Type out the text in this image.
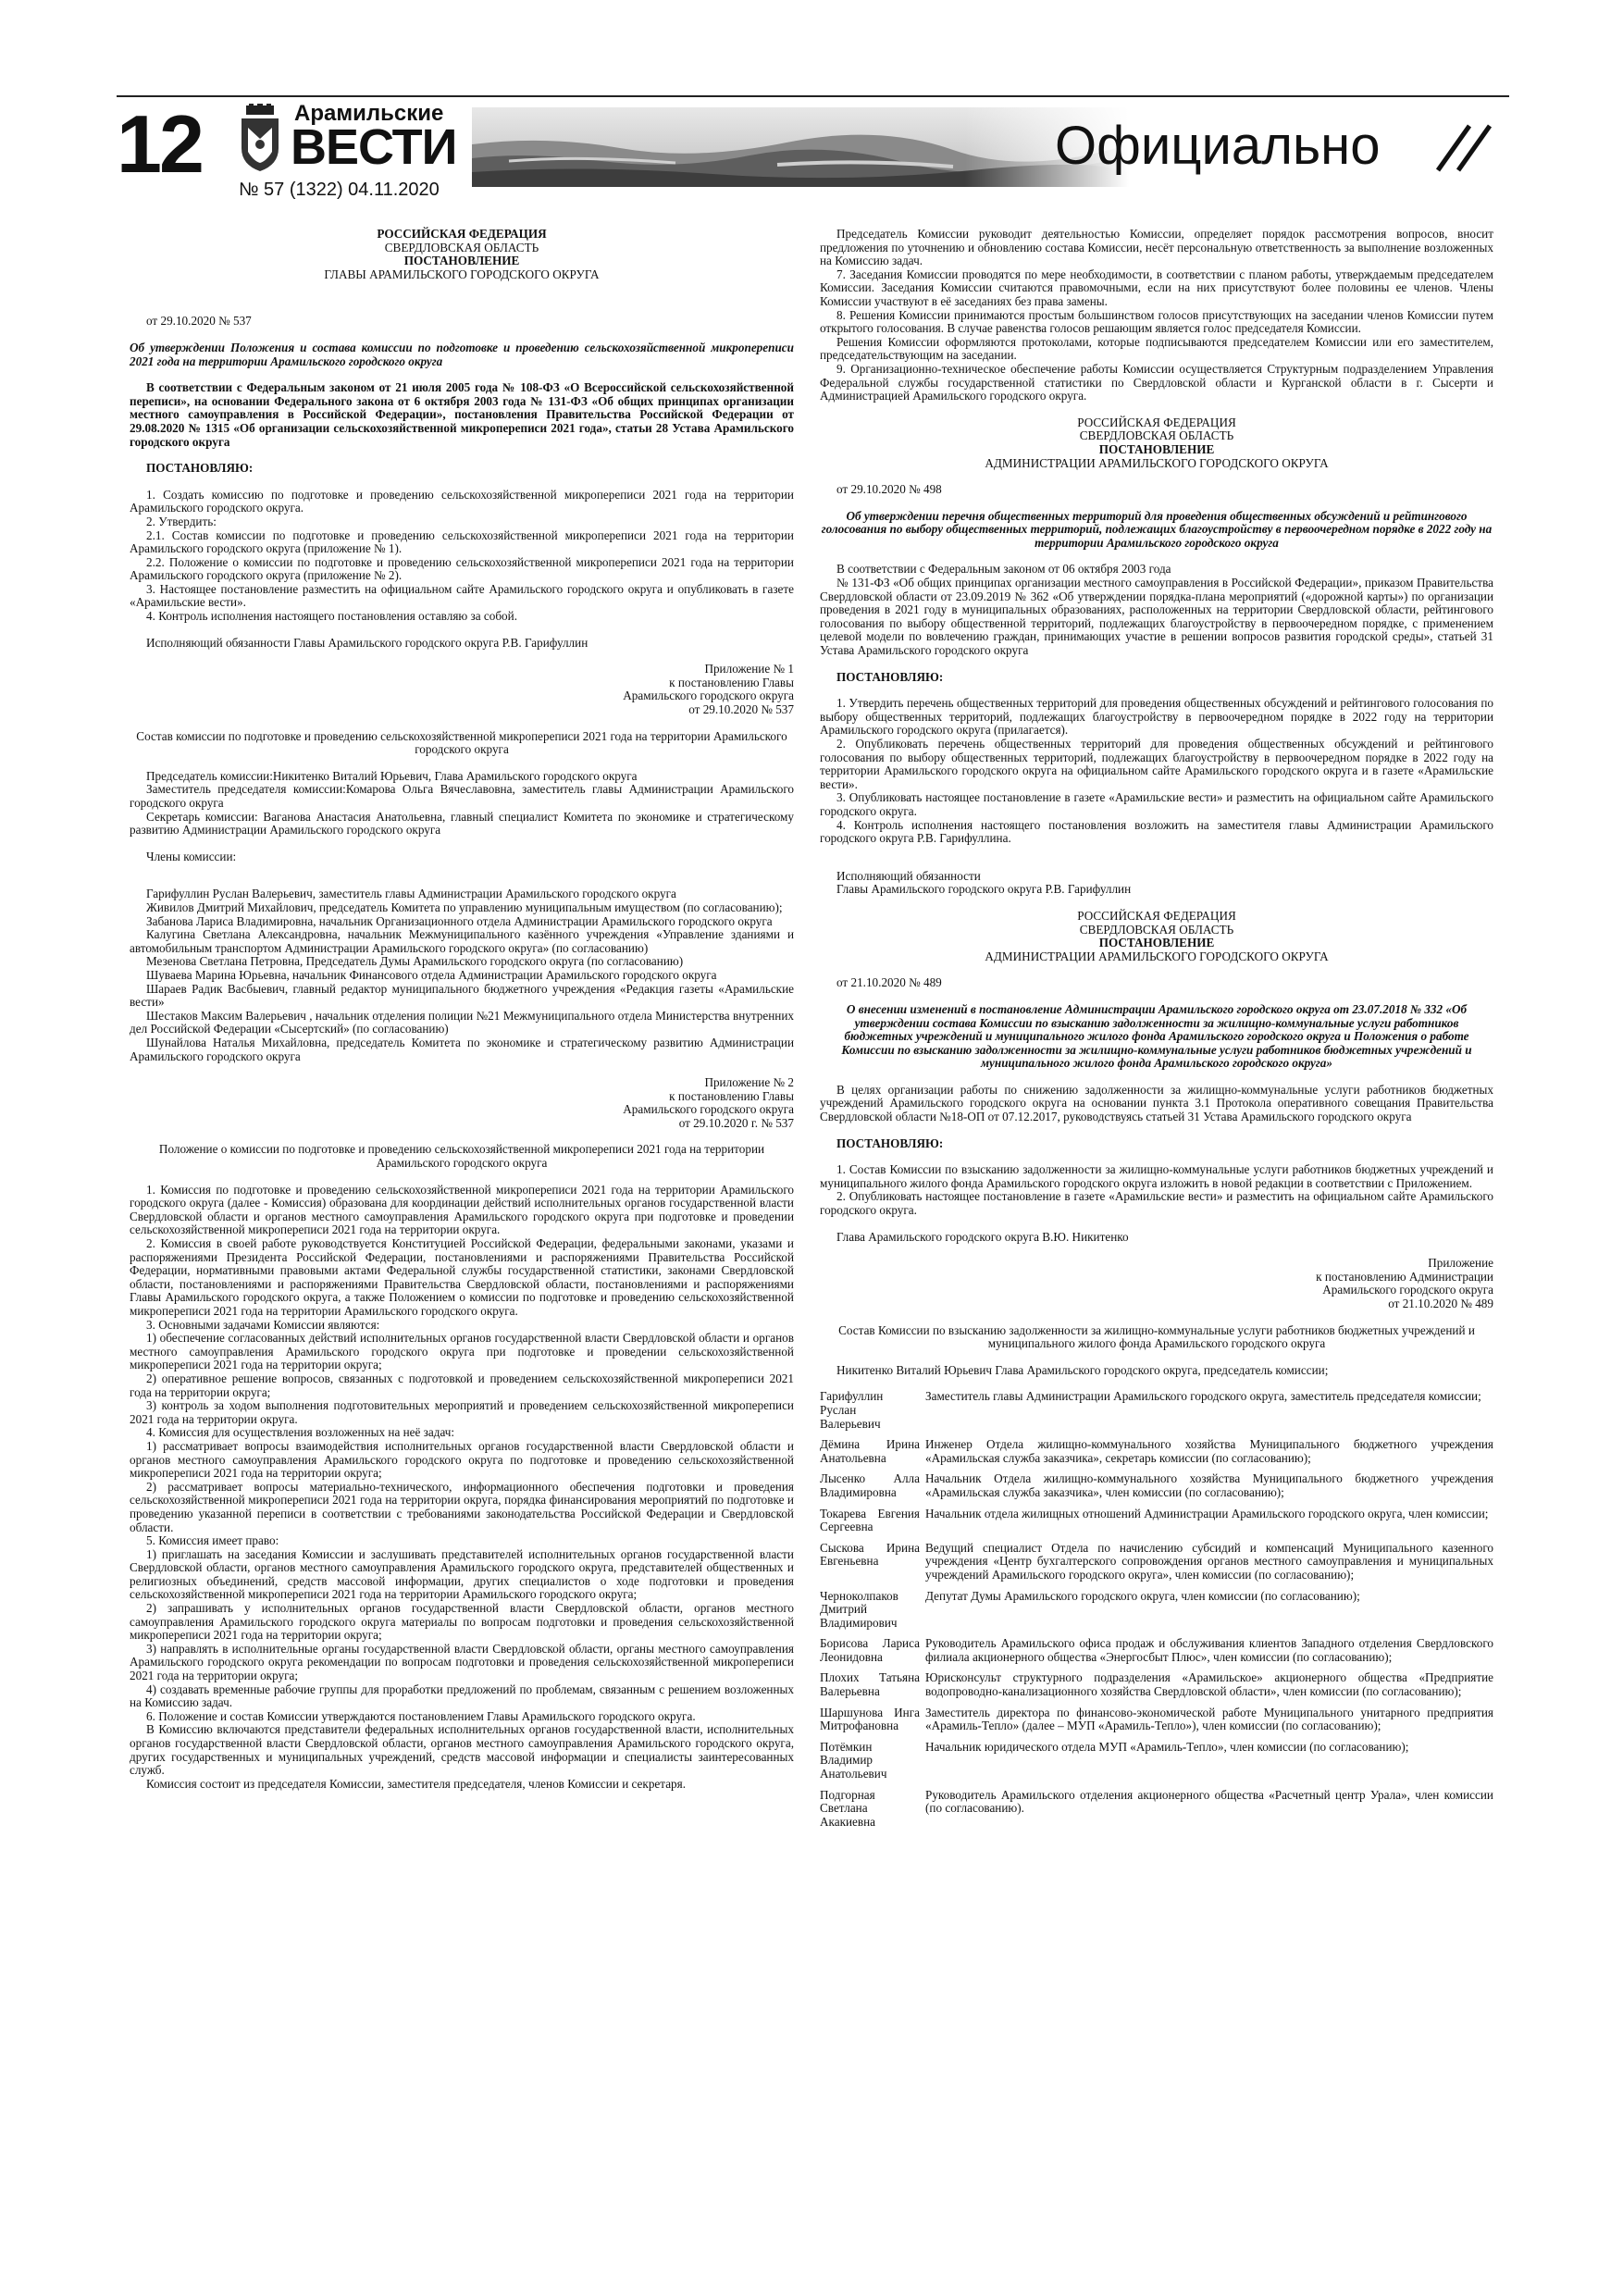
12	Арамильские
ВЕСТИ
№ 57 (1322) 04.11.2020
Официально
РОССИЙСКАЯ ФЕДЕРАЦИЯ
СВЕРДЛОВСКАЯ ОБЛАСТЬ
ПОСТАНОВЛЕНИЕ
ГЛАВЫ АРАМИЛЬСКОГО ГОРОДСКОГО ОКРУГА

от 29.10.2020 № 537

Об утверждении Положения и состава комиссии по подготовке и проведению сельскохозяйственной микропереписи 2021 года на территории Арамильского городского округа

В соответствии с Федеральным законом от 21 июля 2005 года № 108-ФЗ «О Всероссийской сельскохозяйственной переписи», на основании Федерального закона от 6 октября 2003 года № 131-ФЗ «Об общих принципах организации местного самоуправления в Российской Федерации», постановления Правительства Российской Федерации от 29.08.2020 № 1315 «Об организации сельскохозяйственной микропереписи 2021 года», статьи 28 Устава Арамильского городского округа

ПОСТАНОВЛЯЮ:

1. Создать комиссию по подготовке и проведению сельскохозяйственной микропереписи 2021 года на территории Арамильского городского округа.

2. Утвердить:

2.1. Состав комиссии по подготовке и проведению сельскохозяйственной микропереписи 2021 года на территории Арамильского городского округа (приложение № 1).

2.2. Положение о комиссии по подготовке и проведению сельскохозяйственной микропереписи 2021 года на территории Арамильского городского округа (приложение № 2).

3. Настоящее постановление разместить на официальном сайте Арамильского городского округа и опубликовать в газете «Арамильские вести».

4. Контроль исполнения настоящего постановления оставляю за собой.

Исполняющий обязанности Главы Арамильского городского округа Р.В. Гарифуллин

Приложение № 1
к постановлению Главы
Арамильского городского округа
от 29.10.2020 № 537
Состав комиссии по подготовке и проведению сельскохозяйственной микропереписи 2021 года на территории Арамильского городского округа

Председатель комиссии:Никитенко Виталий Юрьевич, Глава Арамильского городского округа

Заместитель председателя комиссии:Комарова Ольга Вячеславовна, заместитель главы Администрации Арамильского городского округа

Секретарь комиссии: Ваганова Анастасия Анатольевна, главный специалист Комитета по экономике и стратегическому развитию Администрации Арамильского городского округа

Члены комиссии:

Гарифуллин Руслан Валерьевич, заместитель главы Администрации Арамильского городского округа

Живилов Дмитрий Михайлович, председатель Комитета по управлению муниципальным имуществом (по согласованию);

Забанова Лариса Владимировна, начальник Организационного отдела Администрации Арамильского городского округа

Калугина Светлана Александровна, начальник Межмуниципального казённого учреждения «Управление зданиями и автомобильным транспортом Администрации Арамильского городского округа» (по согласованию)

Мезенова Светлана Петровна, Председатель Думы Арамильского городского округа (по согласованию)

Шуваева Марина Юрьевна, начальник Финансового отдела Администрации Арамильского городского округа

Шараев Радик Васбыевич, главный редактор муниципального бюджетного учреждения «Редакция газеты «Арамильские вести»

Шестаков Максим Валерьевич , начальник отделения полиции №21 Межмуниципального отдела Министерства внутренних дел Российской Федерации «Сысертский» (по согласованию)

Шунайлова Наталья Михайловна, председатель Комитета по экономике и стратегическому развитию Администрации Арамильского городского округа

Приложение № 2
к постановлению Главы
Арамильского городского округа
от 29.10.2020 г. № 537
Положение о комиссии по подготовке и проведению сельскохозяйственной микропереписи 2021 года на территории Арамильского городского округа

1. Комиссия по подготовке и проведению сельскохозяйственной микропереписи 2021 года на территории Арамильского городского округа (далее - Комиссия) образована для координации действий исполнительных органов государственной власти Свердловской области и органов местного самоуправления Арамильского городского округа при подготовке и проведении сельскохозяйственной микропереписи 2021 года на территории округа.

2. Комиссия в своей работе руководствуется Конституцией Российской Федерации, федеральными законами, указами и распоряжениями Президента Российской Федерации, постановлениями и распоряжениями Правительства Российской Федерации, нормативными правовыми актами Федеральной службы государственной статистики, законами Свердловской области, постановлениями и распоряжениями Правительства Свердловской области, постановлениями и распоряжениями Главы Арамильского городского округа, а также Положением о комиссии по подготовке и проведению сельскохозяйственной микропереписи 2021 года на территории Арамильского городского округа.

3. Основными задачами Комиссии являются:

1) обеспечение согласованных действий исполнительных органов государственной власти Свердловской области и органов местного самоуправления Арамильского городского округа при подготовке и проведении сельскохозяйственной микропереписи 2021 года на территории округа;

2) оперативное решение вопросов, связанных с подготовкой и проведением сельскохозяйственной микропереписи 2021 года на территории округа;

3) контроль за ходом выполнения подготовительных мероприятий и проведением сельскохозяйственной микропереписи 2021 года на территории округа.

4. Комиссия для осуществления возложенных на неё задач:

1) рассматривает вопросы взаимодействия исполнительных органов государственной власти Свердловской области и органов местного самоуправления Арамильского городского округа по подготовке и проведению сельскохозяйственной микропереписи 2021 года на территории округа;

2) рассматривает вопросы материально-технического, информационного обеспечения подготовки и проведения сельскохозяйственной микропереписи 2021 года на территории округа, порядка финансирования мероприятий по подготовке и проведению указанной переписи в соответствии с требованиями законодательства Российской Федерации и Свердловской области.

5. Комиссия имеет право:

1) приглашать на заседания Комиссии и заслушивать представителей исполнительных органов государственной власти Свердловской области, органов местного самоуправления Арамильского городского округа, представителей общественных и религиозных объединений, средств массовой информации, других специалистов о ходе подготовки и проведения сельскохозяйственной микропереписи 2021 года на территории Арамильского городского округа;

2) запрашивать у исполнительных органов государственной власти Свердловской области, органов местного самоуправления Арамильского городского округа материалы по вопросам подготовки и проведения сельскохозяйственной микропереписи 2021 года на территории округа;

3) направлять в исполнительные органы государственной власти Свердловской области, органы местного самоуправления Арамильского городского округа рекомендации по вопросам подготовки и проведения сельскохозяйственной микропереписи 2021 года на территории округа;

4) создавать временные рабочие группы для проработки предложений по проблемам, связанным с решением возложенных на Комиссию задач.

6. Положение и состав Комиссии утверждаются постановлением Главы Арамильского городского округа.

В Комиссию включаются представители федеральных исполнительных органов государственной власти, исполнительных органов государственной власти Свердловской области, органов местного самоуправления Арамильского городского округа, других государственных и муниципальных учреждений, средств массовой информации и специалисты заинтересованных служб.

Комиссия состоит из председателя Комиссии, заместителя председателя, членов Комиссии и секретаря.

Председатель Комиссии руководит деятельностью Комиссии, определяет порядок рассмотрения вопросов, вносит предложения по уточнению и обновлению состава Комиссии, несёт персональную ответственность за выполнение возложенных на Комиссию задач.

7. Заседания Комиссии проводятся по мере необходимости, в соответствии с планом работы, утверждаемым председателем Комиссии. Заседания Комиссии считаются правомочными, если на них присутствуют более половины ее членов. Члены Комиссии участвуют в её заседаниях без права замены.

8. Решения Комиссии принимаются простым большинством голосов присутствующих на заседании членов Комиссии путем открытого голосования. В случае равенства голосов решающим является голос председателя Комиссии.

Решения Комиссии оформляются протоколами, которые подписываются председателем Комиссии или его заместителем, председательствующим на заседании.

9. Организационно-техническое обеспечение работы Комиссии осуществляется Структурным подразделением Управления Федеральной службы государственной статистики по Свердловской области и Курганской области в г. Сысерти и Администрацией Арамильского городского округа.

РОССИЙСКАЯ ФЕДЕРАЦИЯ
СВЕРДЛОВСКАЯ ОБЛАСТЬ
ПОСТАНОВЛЕНИЕ
АДМИНИСТРАЦИИ АРАМИЛЬСКОГО ГОРОДСКОГО ОКРУГА

от 29.10.2020 № 498

Об утверждении перечня общественных территорий для проведения общественных обсуждений и рейтингового голосования по выбору общественных территорий, подлежащих благоустройству в первоочередном порядке в 2022 году на территории Арамильского городского округа

В соответствии с Федеральным законом от 06 октября 2003 года

№ 131-ФЗ «Об общих принципах организации местного самоуправления в Российской Федерации», приказом Правительства Свердловской области от 23.09.2019 № 362 «Об утверждении порядка-плана мероприятий («дорожной карты») по организации проведения в 2021 году в муниципальных образованиях, расположенных на территории Свердловской области, рейтингового голосования по выбору общественной территорий, подлежащих благоустройству в первоочередном порядке, с применением целевой модели по вовлечению граждан, принимающих участие в решении вопросов развития городской среды», статьей 31 Устава Арамильского городского округа

ПОСТАНОВЛЯЮ:

1. Утвердить перечень общественных территорий для проведения общественных обсуждений и рейтингового голосования по выбору общественных территорий, подлежащих благоустройству в первоочередном порядке в 2022 году на территории Арамильского городского округа (прилагается).

2. Опубликовать перечень общественных территорий для проведения общественных обсуждений и рейтингового голосования по выбору общественных территорий, подлежащих благоустройству в первоочередном порядке в 2022 году на территории Арамильского городского округа на официальном сайте Арамильского городского округа и в газете «Арамильские вести».

3. Опубликовать настоящее постановление в газете «Арамильские вести» и разместить на официальном сайте Арамильского городского округа.

4. Контроль исполнения настоящего постановления возложить на заместителя главы Администрации Арамильского городского округа Р.В. Гарифуллина.

Исполняющий обязанности

Главы Арамильского городского округа Р.В. Гарифуллин

РОССИЙСКАЯ ФЕДЕРАЦИЯ
СВЕРДЛОВСКАЯ ОБЛАСТЬ
ПОСТАНОВЛЕНИЕ
АДМИНИСТРАЦИИ АРАМИЛЬСКОГО ГОРОДСКОГО ОКРУГА

от 21.10.2020 № 489

О внесении изменений в постановление Администрации Арамильского городского округа от 23.07.2018 № 332 «Об утверждении состава Комиссии по взысканию задолженности за жилищно-коммунальные услуги работников бюджетных учреждений и муниципального жилого фонда Арамильского городского округа и Положения о работе Комиссии по взысканию задолженности за жилищно-коммунальные услуги работников бюджетных учреждений и муниципального жилого фонда Арамильского городского округа»

В целях организации работы по снижению задолженности за жилищно-коммунальные услуги работников бюджетных учреждений Арамильского городского округа на основании пункта 3.1 Протокола оперативного совещания Правительства Свердловской области №18-ОП от 07.12.2017, руководствуясь статьей 31 Устава Арамильского городского округа

ПОСТАНОВЛЯЮ:

1. Состав Комиссии по взысканию задолженности за жилищно-коммунальные услуги работников бюджетных учреждений и муниципального жилого фонда Арамильского городского округа изложить в новой редакции в соответствии с Приложением.

2. Опубликовать настоящее постановление в газете «Арамильские вести» и разместить на официальном сайте Арамильского городского округа.

Глава Арамильского городского округа В.Ю. Никитенко

Приложение
к постановлению Администрации
Арамильского городского округа
от 21.10.2020 № 489
Состав Комиссии по взысканию задолженности за жилищно-коммунальные услуги работников бюджетных учреждений и муниципального жилого фонда Арамильского городского округа

Никитенко Виталий Юрьевич Глава Арамильского городского округа, председатель комиссии;

Гарифуллин Руслан Валерьевич	Заместитель главы Администрации Арамильского городского округа, заместитель председателя комиссии;
Дёмина Ирина Анатольевна	Инженер Отдела жилищно-коммунального хозяйства Муниципального бюджетного учреждения «Арамильская служба заказчика», секретарь комиссии (по согласованию);
Лысенко Алла Владимировна	Начальник Отдела жилищно-коммунального хозяйства Муниципального бюджетного учреждения «Арамильская служба заказчика», член комиссии (по согласованию);
Токарева Евгения Сергеевна	Начальник отдела жилищных отношений Администрации Арамильского городского округа, член комиссии;
Сыскова Ирина Евгеньевна	Ведущий специалист Отдела по начислению субсидий и компенсаций Муниципального казенного учреждения «Центр бухгалтерского сопровождения органов местного самоуправления и муниципальных учреждений Арамильского городского округа», член комиссии (по согласованию);
Черноколпаков Дмитрий Владимирович	Депутат Думы Арамильского городского округа, член комиссии (по согласованию);
Борисова Лариса Леонидовна	Руководитель Арамильского офиса продаж и обслуживания клиентов Западного отделения Свердловского филиала акционерного общества «Энергосбыт Плюс», член комиссии (по согласованию);
Плохих Татьяна Валерьевна	Юрисконсульт структурного подразделения «Арамильское» акционерного общества «Предприятие водопроводно-канализационного хозяйства Свердловской области», член комиссии (по согласованию);
Шаршунова Инга Митрофановна	Заместитель директора по финансово-экономической работе Муниципального унитарного предприятия «Арамиль-Тепло» (далее – МУП «Арамиль-Тепло»), член комиссии (по согласованию);
Потёмкин Владимир Анатольевич	Начальник юридического отдела МУП «Арамиль-Тепло», член комиссии (по согласованию);
Подгорная Светлана Акакиевна	Руководитель Арамильского отделения акционерного общества «Расчетный центр Урала», член комиссии (по согласованию).
